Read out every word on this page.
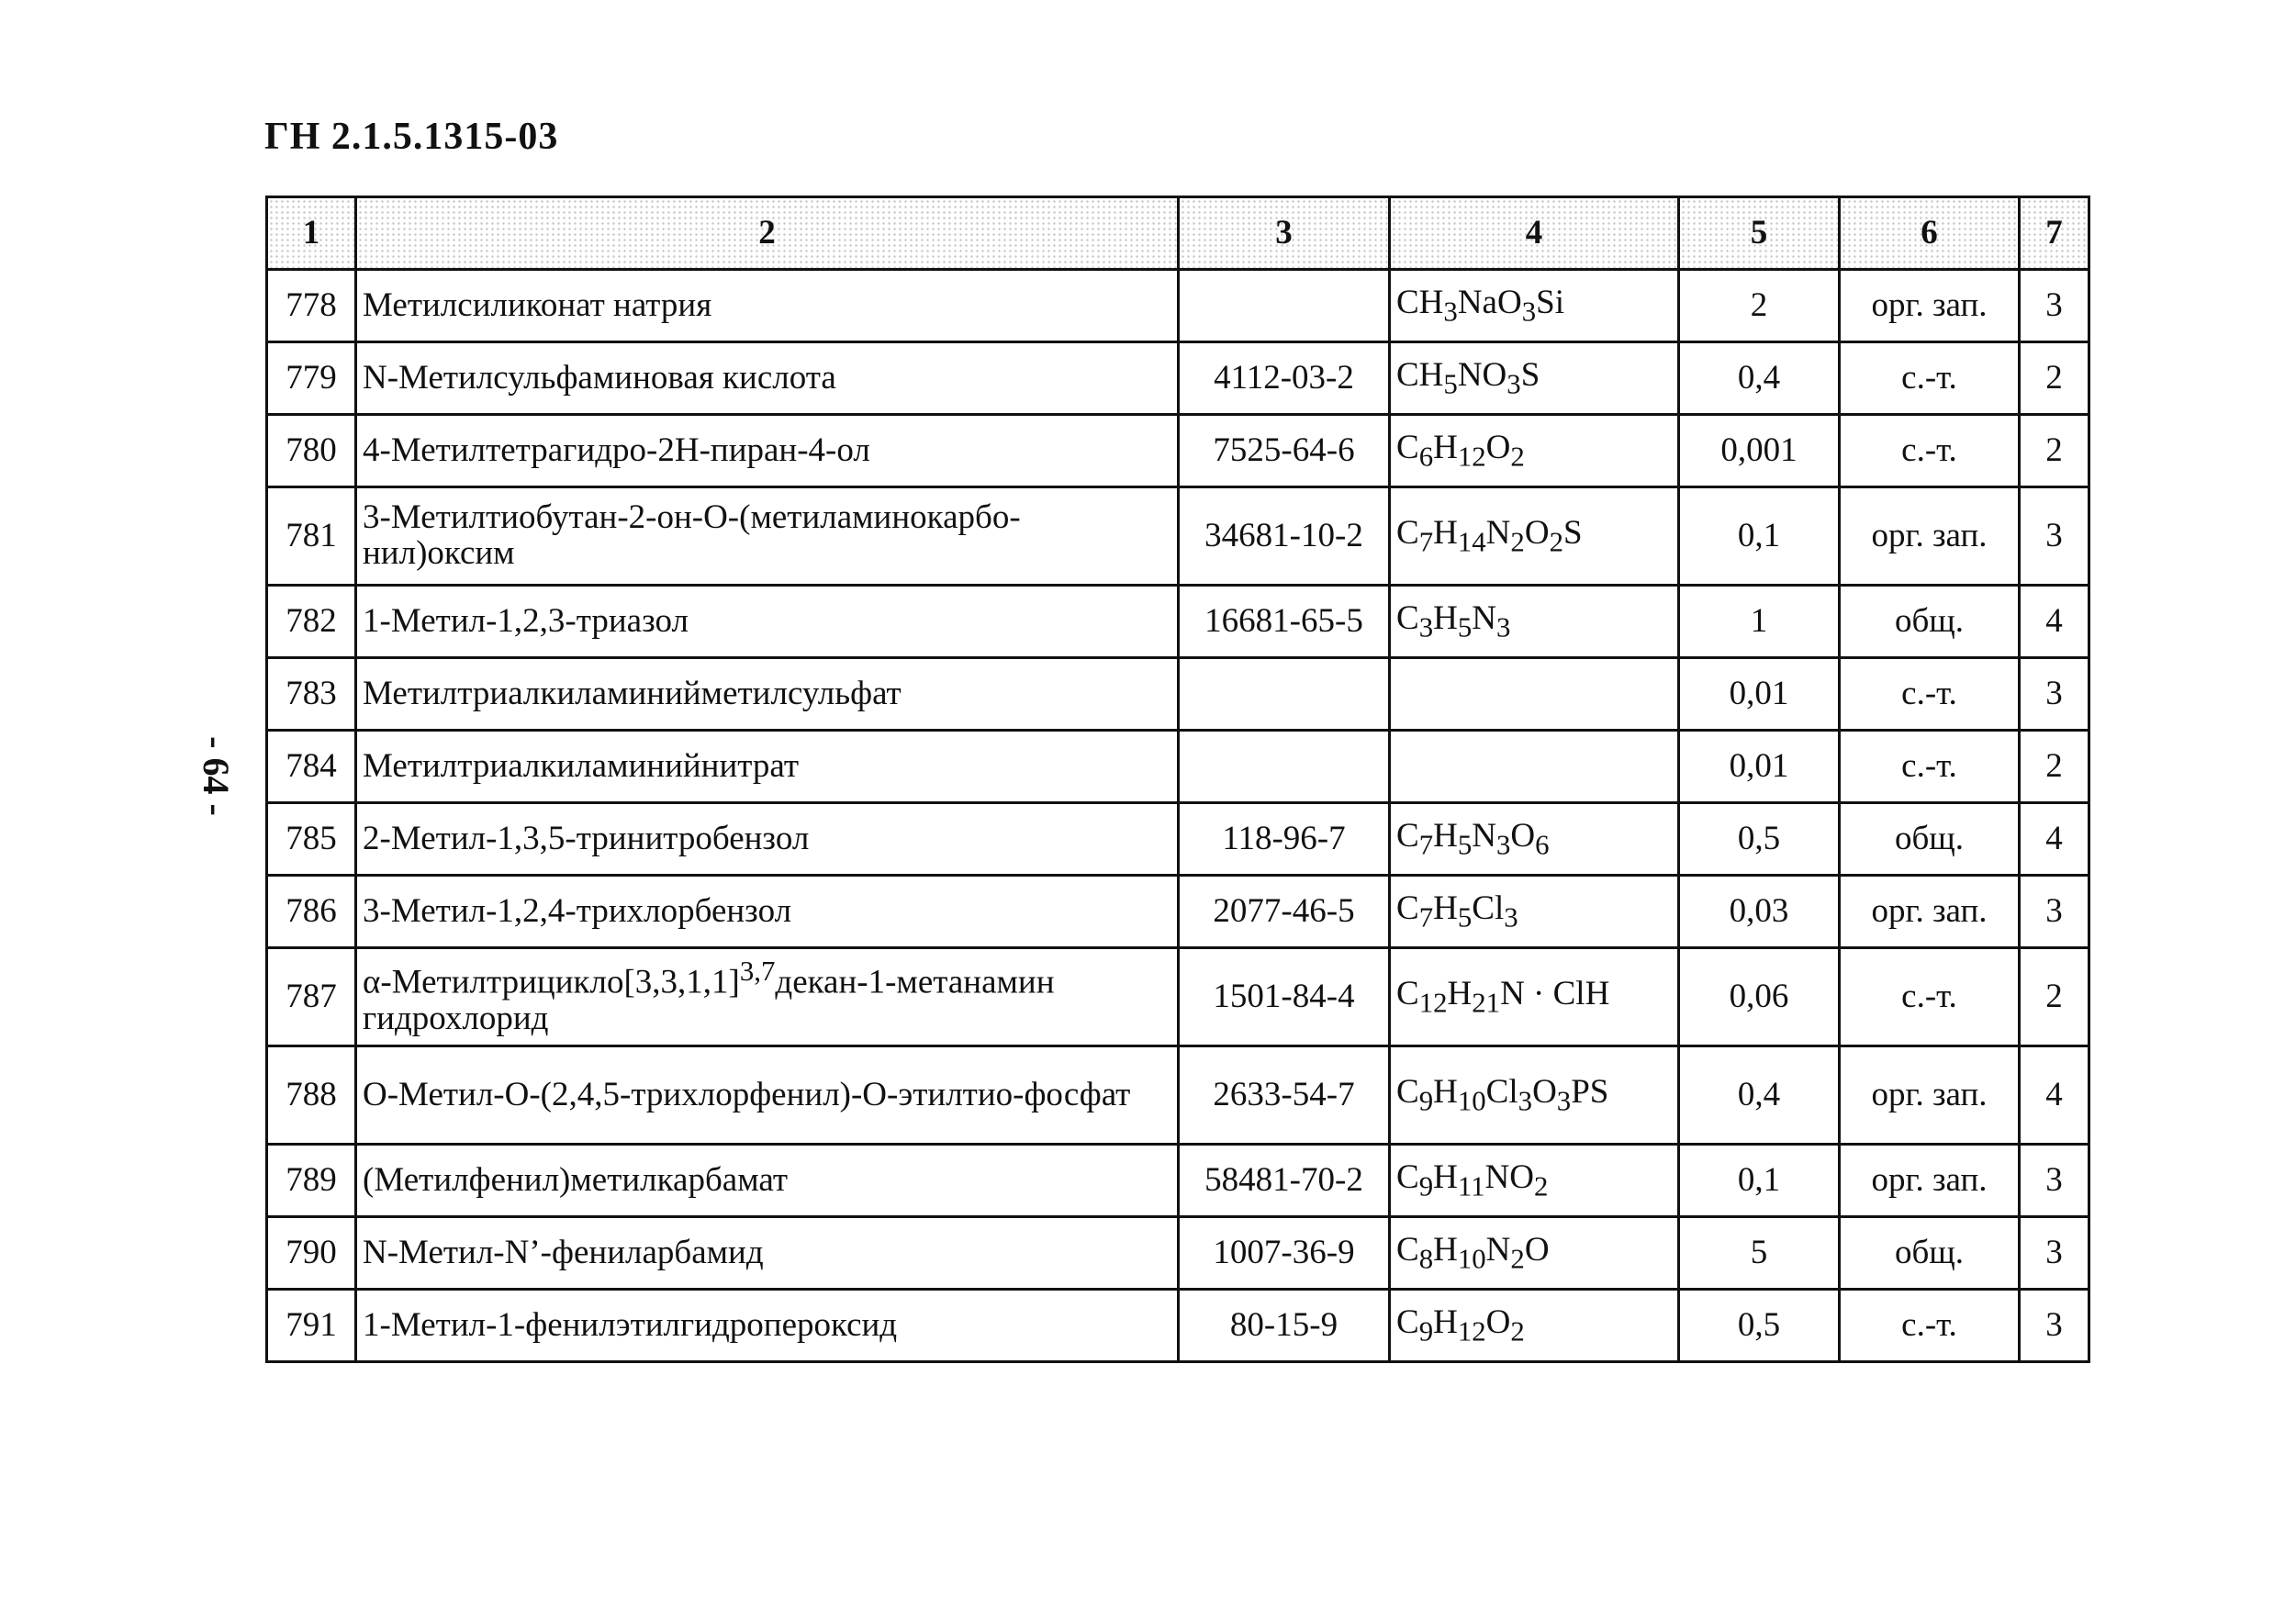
ГН 2.1.5.1315-03
- 64 -
1	2	3	4	5	6	7
778	Метилсиликонат натрия		$CH_3NaO_3Si$	2	орг. зап.	3
779	N-Метилсульфаминовая кислота	4112-03-2	$CH_5NO_3S$	0,4	с.-т.	2
780	4-Метилтетрагидро-2Н-пиран-4-ол	7525-64-6	$C_6H_{12}O_2$	0,001	с.-т.	2
781	3-Метилтиобутан-2-он-О-(метиламинокарбо-нил)оксим	34681-10-2	$C_7H_{14}N_2O_2S$	0,1	орг. зап.	3
782	1-Метил-1,2,3-триазол	16681-65-5	$C_3H_5N_3$	1	общ.	4
783	Метилтриалкиламинийметилсульфат			0,01	с.-т.	3
784	Метилтриалкиламинийнитрат			0,01	с.-т.	2
785	2-Метил-1,3,5-тринитробензол	118-96-7	$C_7H_5N_3O_6$	0,5	общ.	4
786	3-Метил-1,2,4-трихлорбензол	2077-46-5	$C_7H_5Cl_3$	0,03	орг. зап.	3
787	$\alpha-Метилтрицикло[3,3,1,1]^{3,7}декан-1$-метанамин гидрохлорид	1501-84-4	$C_{12}H_{21}N$ · ClH	0,06	с.-т.	2
788	О-Метил-О-(2,4,5-трихлорфенил)-О-этилтио-фосфат	2633-54-7	$C_9H_{10}Cl_3O_3PS$	0,4	орг. зап.	4
789	(Метилфенил)метилкарбамат	58481-70-2	$C_9H_{11}NO_2$	0,1	орг. зап.	3
790	N-Метил-N’-фениларбамид	1007-36-9	$C_8H_{10}N_2O$	5	общ.	3
791	1-Метил-1-фенилэтилгидропероксид	80-15-9	$C_9H_{12}O_2$	0,5	с.-т.	3
